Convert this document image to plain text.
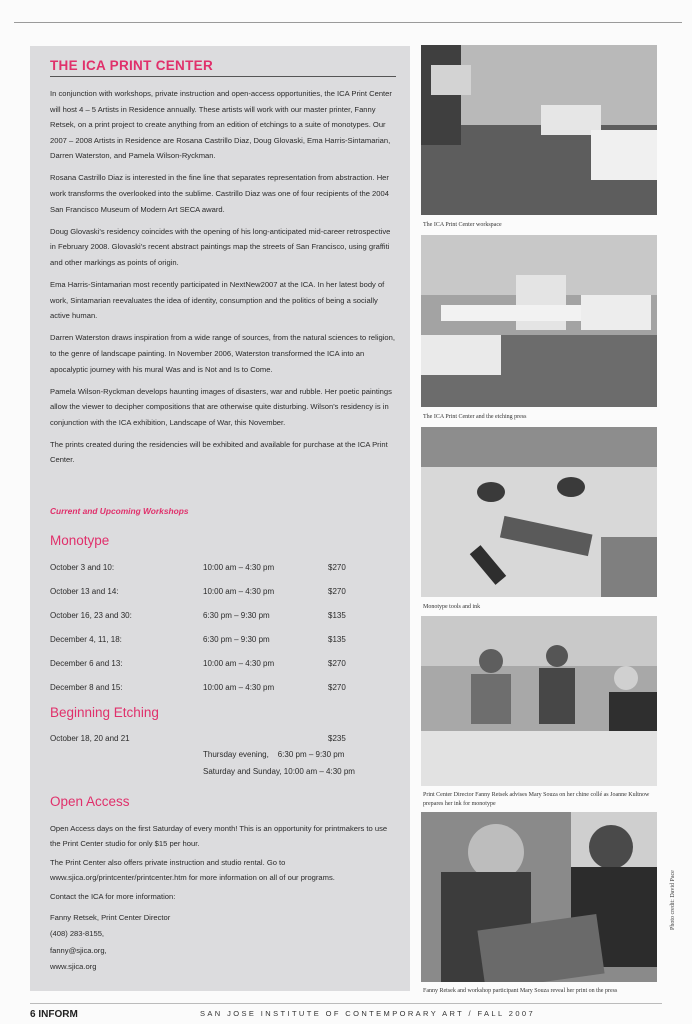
THE ICA PRINT CENTER

In conjunction with workshops, private instruction and open-access opportunities, the ICA Print Center will host 4 – 5 Artists in Residence annually. These artists will work with our master printer, Fanny Retsek, on a print project to create anything from an edition of etchings to a suite of monotypes. Our 2007 – 2008 Artists in Residence are Rosana Castrillo Diaz, Doug Glovaski, Ema Harris-Sintamarian, Darren Waterston, and Pamela Wilson-Ryckman.

Rosana Castrillo Diaz is interested in the fine line that separates representation from abstraction. Her work transforms the overlooked into the sublime. Castrillo Diaz was one of four recipients of the 2004 San Francisco Museum of Modern Art SECA award.

Doug Glovaski's residency coincides with the opening of his long-anticipated mid-career retrospective in February 2008. Glovaski's recent abstract paintings map the streets of San Francisco, using graffiti and other markings as points of origin.

Ema Harris-Sintamarian most recently participated in NextNew2007 at the ICA. In her latest body of work, Sintamarian reevaluates the idea of identity, consumption and the politics of being a socially active human.

Darren Waterston draws inspiration from a wide range of sources, from the natural sciences to religion, to the genre of landscape painting. In November 2006, Waterston transformed the ICA into an apocalyptic journey with his mural Was and is Not and Is to Come.

Pamela Wilson-Ryckman develops haunting images of disasters, war and rubble. Her poetic paintings allow the viewer to decipher compositions that are otherwise quite disturbing. Wilson's residency is in conjunction with the ICA exhibition, Landscape of War, this November.

The prints created during the residencies will be exhibited and available for purchase at the ICA Print Center.

Current and Upcoming Workshops
Monotype
October 3 and 10:	10:00 am – 4:30 pm	$270
October 13 and 14:	10:00 am – 4:30 pm	$270
October 16, 23 and 30:	6:30 pm – 9:30 pm	$135
December 4, 11, 18:	6:30 pm – 9:30 pm	$135
December 6 and 13:	10:00 am – 4:30 pm	$270
December 8 and 15:	10:00 am – 4:30 pm	$270
Beginning Etching
October 18, 20 and 21	$235
Thursday evening,    6:30 pm – 9:30 pm
Saturday and Sunday, 10:00 am – 4:30 pm
Open Access

Open Access days on the first Saturday of every month! This is an opportunity for printmakers to use the Print Center studio for only $15 per hour.

The Print Center also offers private instruction and studio rental. Go to www.sjica.org/printcenter/printcenter.htm for more information on all of our programs.

Contact the ICA for more information:

Fanny Retsek, Print Center Director
(408) 283-8155,
fanny@sjica.org,
www.sjica.org

The ICA Print Center workspace

The ICA Print Center and the etching press

Monotype tools and ink

Print Center Director Fanny Retsek advises Mary Souza on her chine collé as Joanne Kultnow prepares her ink for monotype

Fanny Retsek and workshop participant Mary Souza reveal her print on the press

Photo credit: David Pace
6 INFORM	SAN JOSE INSTITUTE OF CONTEMPORARY ART / FALL 2007
